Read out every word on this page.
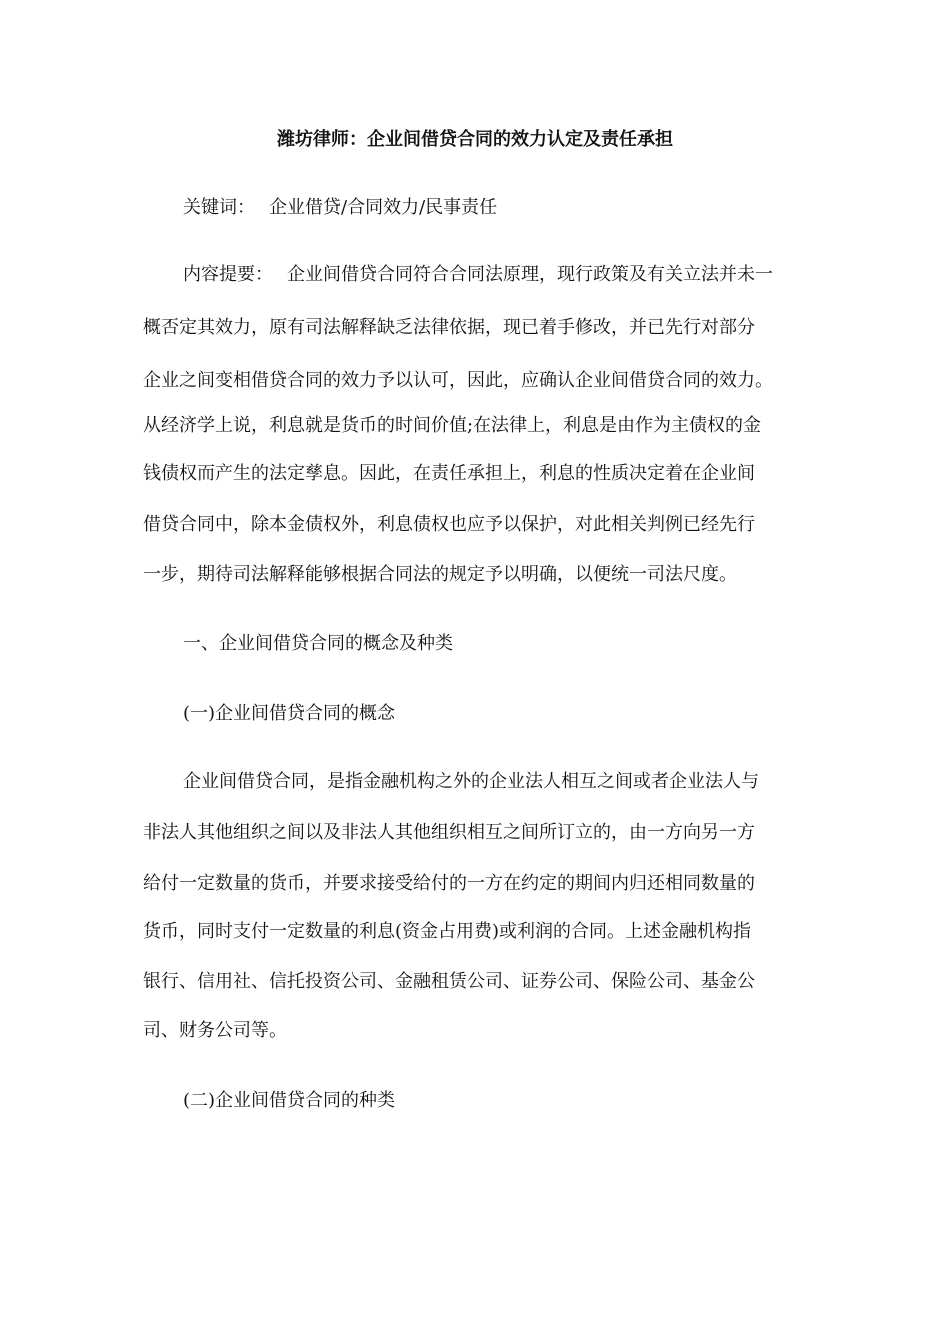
潍坊律师：企业间借贷合同的效力认定及责任承担
关键词： 企业借贷/合同效力/民事责任
内容提要： 企业间借贷合同符合合同法原理，现行政策及有关立法并未一
概否定其效力，原有司法解释缺乏法律依据，现已着手修改，并已先行对部分
企业之间变相借贷合同的效力予以认可，因此，应确认企业间借贷合同的效力。
从经济学上说，利息就是货币的时间价值;在法律上，利息是由作为主债权的金
钱债权而产生的法定孳息。因此，在责任承担上，利息的性质决定着在企业间
借贷合同中，除本金债权外，利息债权也应予以保护，对此相关判例已经先行
一步，期待司法解释能够根据合同法的规定予以明确，以便统一司法尺度。
一、企业间借贷合同的概念及种类
(一)企业间借贷合同的概念
企业间借贷合同，是指金融机构之外的企业法人相互之间或者企业法人与
非法人其他组织之间以及非法人其他组织相互之间所订立的，由一方向另一方
给付一定数量的货币，并要求接受给付的一方在约定的期间内归还相同数量的
货币，同时支付一定数量的利息(资金占用费)或利润的合同。上述金融机构指
银行、信用社、信托投资公司、金融租赁公司、证券公司、保险公司、基金公
司、财务公司等。
(二)企业间借贷合同的种类
